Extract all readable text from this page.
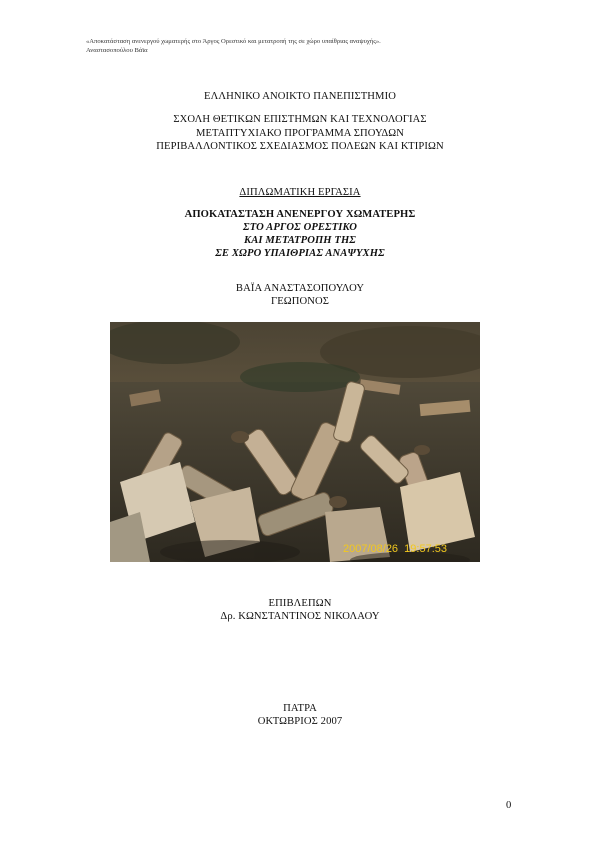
«Αποκατάσταση ανενεργού χωματερής στο Άργος Ορεστικό και μετατροπή της σε χώρο υπαίθριας αναψυχής».
Αναστασοπούλου Βάϊα
ΕΛΛΗΝΙΚΟ ΑΝΟΙΚΤΟ ΠΑΝΕΠΙΣΤΗΜΙΟ
ΣΧΟΛΗ ΘΕΤΙΚΩΝ ΕΠΙΣΤΗΜΩΝ ΚΑΙ ΤΕΧΝΟΛΟΓΙΑΣ
ΜΕΤΑΠΤΥΧΙΑΚΟ ΠΡΟΓΡΑΜΜΑ ΣΠΟΥΔΩΝ
ΠΕΡΙΒΑΛΛΟΝΤΙΚΟΣ ΣΧΕΔΙΑΣΜΟΣ ΠΟΛΕΩΝ ΚΑΙ ΚΤΙΡΙΩΝ
ΔΙΠΛΩΜΑΤΙΚΗ ΕΡΓΑΣΙΑ
ΑΠΟΚΑΤΑΣΤΑΣΗ ΑΝΕΝΕΡΓΟΥ ΧΩΜΑΤΕΡΗΣ
ΣΤΟ ΑΡΓΟΣ ΟΡΕΣΤΙΚΟ
ΚΑΙ ΜΕΤΑΤΡΟΠΗ ΤΗΣ
ΣΕ ΧΩΡΟ ΥΠΑΙΘΡΙΑΣ ΑΝΑΨΥΧΗΣ
ΒΑΪΑ ΑΝΑΣΤΑΣΟΠΟΥΛΟΥ
ΓΕΩΠΟΝΟΣ
2007/08/26  19:57:53
ΕΠΙΒΛΕΠΩΝ
Δρ. ΚΩΝΣΤΑΝΤΙΝΟΣ ΝΙΚΟΛΑΟΥ
ΠΑΤΡΑ
ΟΚΤΩΒΡΙΟΣ 2007
0
